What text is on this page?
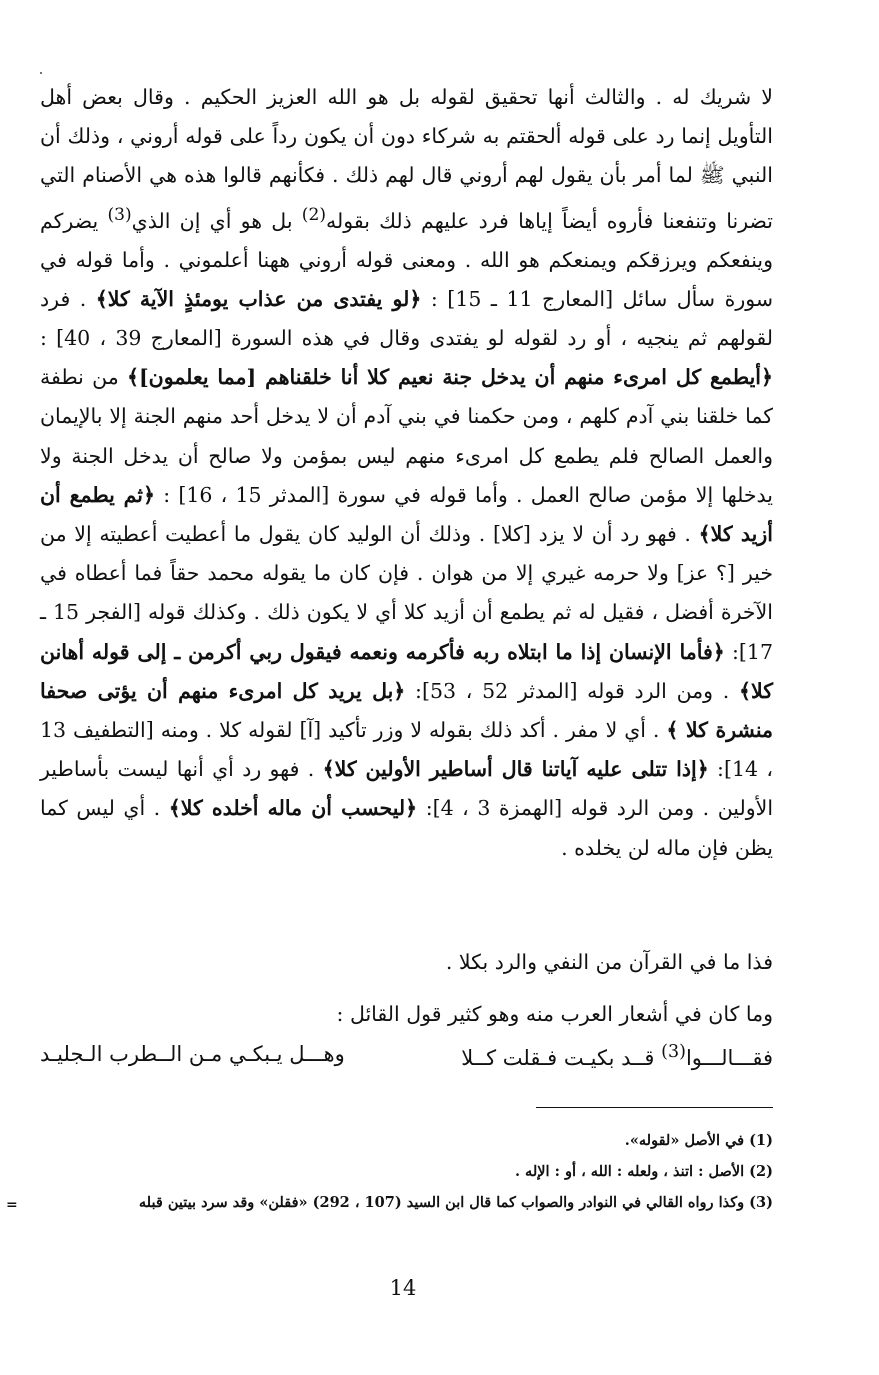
لا شريك له . والثالث أنها تحقيق لقوله بل هو الله العزيز الحكيم . وقال بعض أهل التأويل إنما رد على قوله ألحقتم به شركاء دون أن يكون رداً على قوله أروني ، وذلك أن النبي ﷺ لما أمر بأن يقول لهم أروني قال لهم ذلك . فكأنهم قالوا هذه هي الأصنام التي تضرنا وتنفعنا فأروه أيضاً إياها فرد عليهم ذلك بقوله$^{(2)}$ بل هو أي إن الذي$^{(3)}$ يضركم وينفعكم ويرزقكم ويمنعكم هو الله . ومعنى قوله أروني ههنا أعلموني . وأما قوله في سورة سأل سائل [المعارج 11 ـ 15] : ﴿لو يفتدى من عذاب يومئذٍ الآية كلا﴾ . فرد لقولهم ثم ينجيه ، أو رد لقوله لو يفتدى وقال في هذه السورة [المعارج 39 ، 40] : ﴿أيطمع كل امرىء منهم أن يدخل جنة نعيم كلا أنا خلقناهم [مما يعلمون]﴾ من نطفة كما خلقنا بني آدم كلهم ، ومن حكمنا في بني آدم أن لا يدخل أحد منهم الجنة إلا بالإيمان والعمل الصالح فلم يطمع كل امرىء منهم ليس بمؤمن ولا صالح أن يدخل الجنة ولا يدخلها إلا مؤمن صالح العمل . وأما قوله في سورة [المدثر 15 ، 16] : ﴿ثم يطمع أن أزيد كلا﴾ . فهو رد أن لا يزد [كلا] . وذلك أن الوليد كان يقول ما أعطيت أعطيته إلا من خير [؟ عز] ولا حرمه غيري إلا من هوان . فإن كان ما يقوله محمد حقاً فما أعطاه في الآخرة أفضل ، فقيل له ثم يطمع أن أزيد كلا أي لا يكون ذلك . وكذلك قوله [الفجر 15 ـ 17]: ﴿فأما الإنسان إذا ما ابتلاه ربه فأكرمه ونعمه فيقول ربي أكرمن ـ إلى قوله أهانن كلا﴾ . ومن الرد قوله [المدثر 52 ، 53]: ﴿بل يريد كل امرىء منهم أن يؤتى صحفا منشرة كلا ﴾ . أي لا مفر . أكد ذلك بقوله لا وزر تأكيد [آ] لقوله كلا . ومنه [التطفيف 13 ، 14]: ﴿إذا تتلى عليه آياتنا قال أساطير الأولين كلا﴾ . فهو رد أي أنها ليست بأساطير الأولين . ومن الرد قوله [الهمزة 3 ، 4]: ﴿ليحسب أن ماله أخلده كلا﴾ . أي ليس كما يظن فإن ماله لن يخلده .

فذا ما في القرآن من النفي والرد بكلا .
وما كان في أشعار العرب منه وهو كثير قول القائل :
فقـــالـــوا$^{(3)}$ قــد بكيـت فـقلت كــلا
وهـــل يـبكـي مـن الــطرب الـجليـد
(1) في الأصل «لقوله».
(2) الأصل : اتنذ ، ولعله : الله ، أو : الإله .
(3) وكذا رواه القالي في النوادر والصواب كما قال ابن السيد (107 ، 292) «فقلن» وقد سرد بيتين قبله
=
14
